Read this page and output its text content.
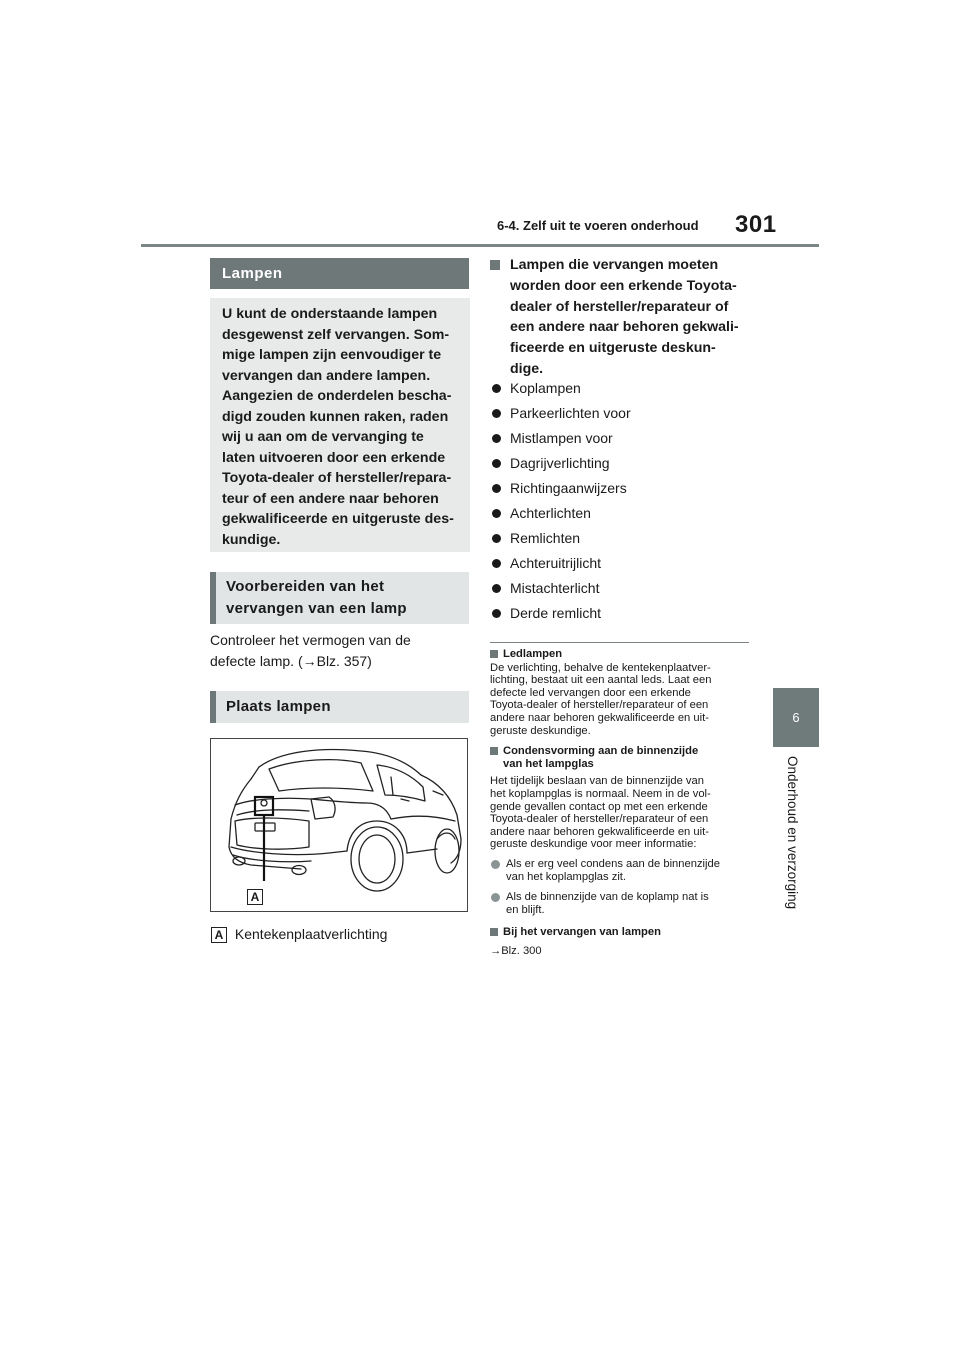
6-4. Zelf uit te voeren onderhoud 301
6
Onderhoud en verzorging
Lampen
U kunt de onderstaande lampen
desgewenst zelf vervangen. Som-
mige lampen zijn eenvoudiger te
vervangen dan andere lampen.
Aangezien de onderdelen bescha-
digd zouden kunnen raken, raden
wij u aan om de vervanging te
laten uitvoeren door een erkende
Toyota-dealer of hersteller/repara-
teur of een andere naar behoren
gekwalificeerde en uitgeruste des-
kundige.
Voorbereiden van het
vervangen van een lamp
Controleer het vermogen van de
defecte lamp. (→Blz. 357)
Plaats lampen
A
A Kentekenplaatverlichting
Lampen die vervangen moeten
worden door een erkende Toyota-
dealer of hersteller/reparateur of
een andere naar behoren gekwali-
ficeerde en uitgeruste deskun-
dige.
Koplampen
Parkeerlichten voor
Mistlampen voor
Dagrijverlichting
Richtingaanwijzers
Achterlichten
Remlichten
Achteruitrijlicht
Mistachterlicht
Derde remlicht
Ledlampen
De verlichting, behalve de kentekenplaatver-
lichting, bestaat uit een aantal leds. Laat een
defecte led vervangen door een erkende
Toyota-dealer of hersteller/reparateur of een
andere naar behoren gekwalificeerde en uit-
geruste deskundige.
Condensvorming aan de binnenzijde
van het lampglas
Het tijdelijk beslaan van de binnenzijde van
het koplampglas is normaal. Neem in de vol-
gende gevallen contact op met een erkende
Toyota-dealer of hersteller/reparateur of een
andere naar behoren gekwalificeerde en uit-
geruste deskundige voor meer informatie:
Als er erg veel condens aan de binnenzijde
van het koplampglas zit.
Als de binnenzijde van de koplamp nat is
en blijft.
Bij het vervangen van lampen
→Blz. 300
